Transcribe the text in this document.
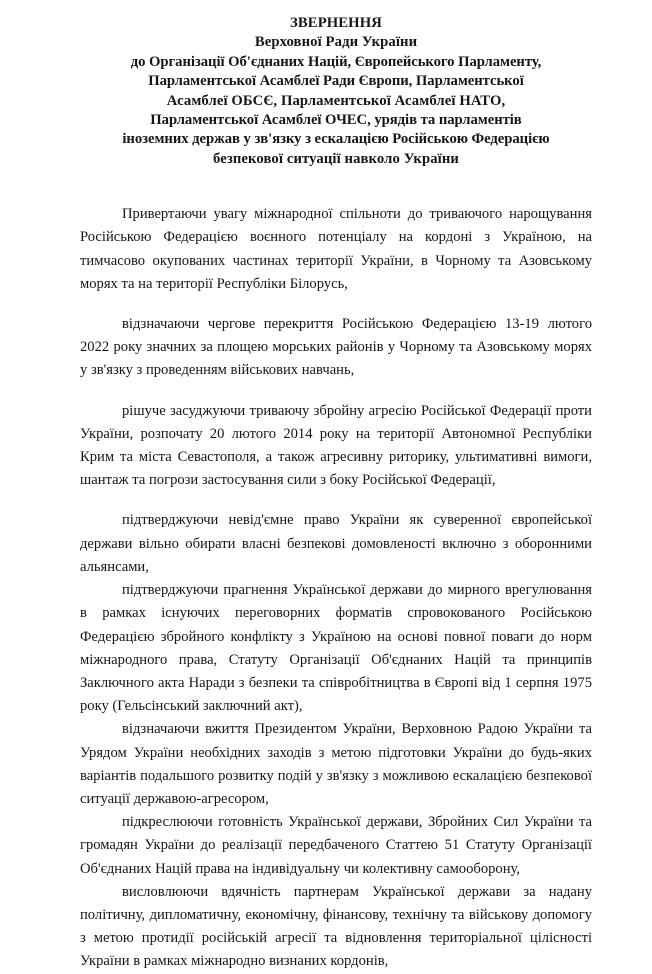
ЗВЕРНЕННЯ
Верховної Ради України
до Організації Об'єднаних Націй, Європейського Парламенту,
Парламентської Асамблеї Ради Європи, Парламентської
Асамблеї ОБСЄ, Парламентської Асамблеї НАТО,
Парламентської Асамблеї ОЧЕС, урядів та парламентів
іноземних держав у зв'язку з ескалацією Російською Федерацією
безпекової ситуації навколо України

Привертаючи увагу міжнародної спільноти до триваючого нарощування Російською Федерацією воєнного потенціалу на кордоні з Україною, на тимчасово окупованих частинах території України, в Чорному та Азовському морях та на території Республіки Білорусь,

відзначаючи чергове перекриття Російською Федерацією 13-19 лютого 2022 року значних за площею морських районів у Чорному та Азовському морях у зв'язку з проведенням військових навчань,

рішуче засуджуючи триваючу збройну агресію Російської Федерації проти України, розпочату 20 лютого 2014 року на території Автономної Республіки Крим та міста Севастополя, а також агресивну риторику, ультимативні вимоги, шантаж та погрози застосування сили з боку Російської Федерації,

підтверджуючи невід'ємне право України як суверенної європейської держави вільно обирати власні безпекові домовленості включно з оборонними альянсами,

підтверджуючи прагнення Української держави до мирного врегулювання в рамках існуючих переговорних форматів спровокованого Російською Федерацією збройного конфлікту з Україною на основі повної поваги до норм міжнародного права, Статуту Організації Об'єднаних Націй та принципів Заключного акта Наради з безпеки та співробітництва в Європі від 1 серпня 1975 року (Гельсінський заключний акт),

відзначаючи вжиття Президентом України, Верховною Радою України та Урядом України необхідних заходів з метою підготовки України до будь-яких варіантів подальшого розвитку подій у зв'язку з можливою ескалацією безпекової ситуації державою-агресором,

підкреслюючи готовність Української держави, Збройних Сил України та громадян України до реалізації передбаченого Статтею 51 Статуту Організації Об'єднаних Націй права на індивідуальну чи колективну самооборону,

висловлюючи вдячність партнерам Української держави за надану політичну, дипломатичну, економічну, фінансову, технічну та військову допомогу з метою протидії російській агресії та відновлення територіальної цілісності України в рамках міжнародно визнаних кордонів,
